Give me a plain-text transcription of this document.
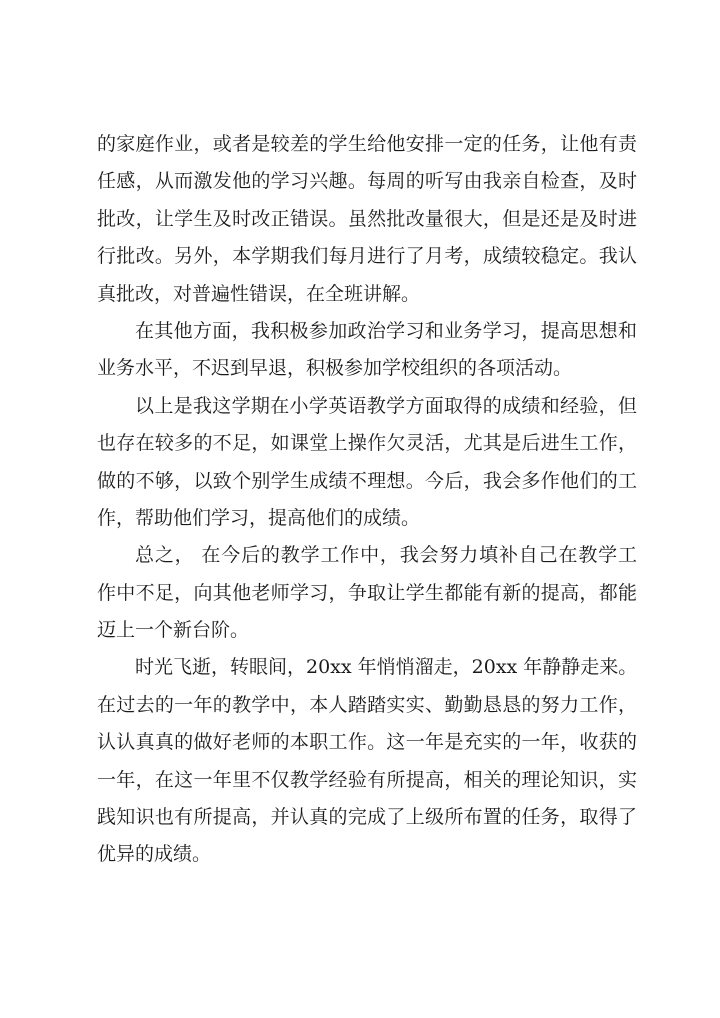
的家庭作业，或者是较差的学生给他安排一定的任务，让他有责
任感，从而激发他的学习兴趣。每周的听写由我亲自检查，及时
批改，让学生及时改正错误。虽然批改量很大，但是还是及时进
行批改。另外，本学期我们每月进行了月考，成绩较稳定。我认
真批改，对普遍性错误，在全班讲解。
在其他方面，我积极参加政治学习和业务学习，提高思想和
业务水平，不迟到早退，积极参加学校组织的各项活动。
以上是我这学期在小学英语教学方面取得的成绩和经验，但
也存在较多的不足，如课堂上操作欠灵活，尤其是后进生工作，
做的不够，以致个别学生成绩不理想。今后，我会多作他们的工
作，帮助他们学习，提高他们的成绩。
总之， 在今后的教学工作中，我会努力填补自己在教学工
作中不足，向其他老师学习，争取让学生都能有新的提高，都能
迈上一个新台阶。
时光飞逝，转眼间，20xx 年悄悄溜走，20xx 年静静走来。
在过去的一年的教学中，本人踏踏实实、勤勤恳恳的努力工作，
认认真真的做好老师的本职工作。这一年是充实的一年，收获的
一年，在这一年里不仅教学经验有所提高，相关的理论知识，实
践知识也有所提高，并认真的完成了上级所布置的任务，取得了
优异的成绩。
